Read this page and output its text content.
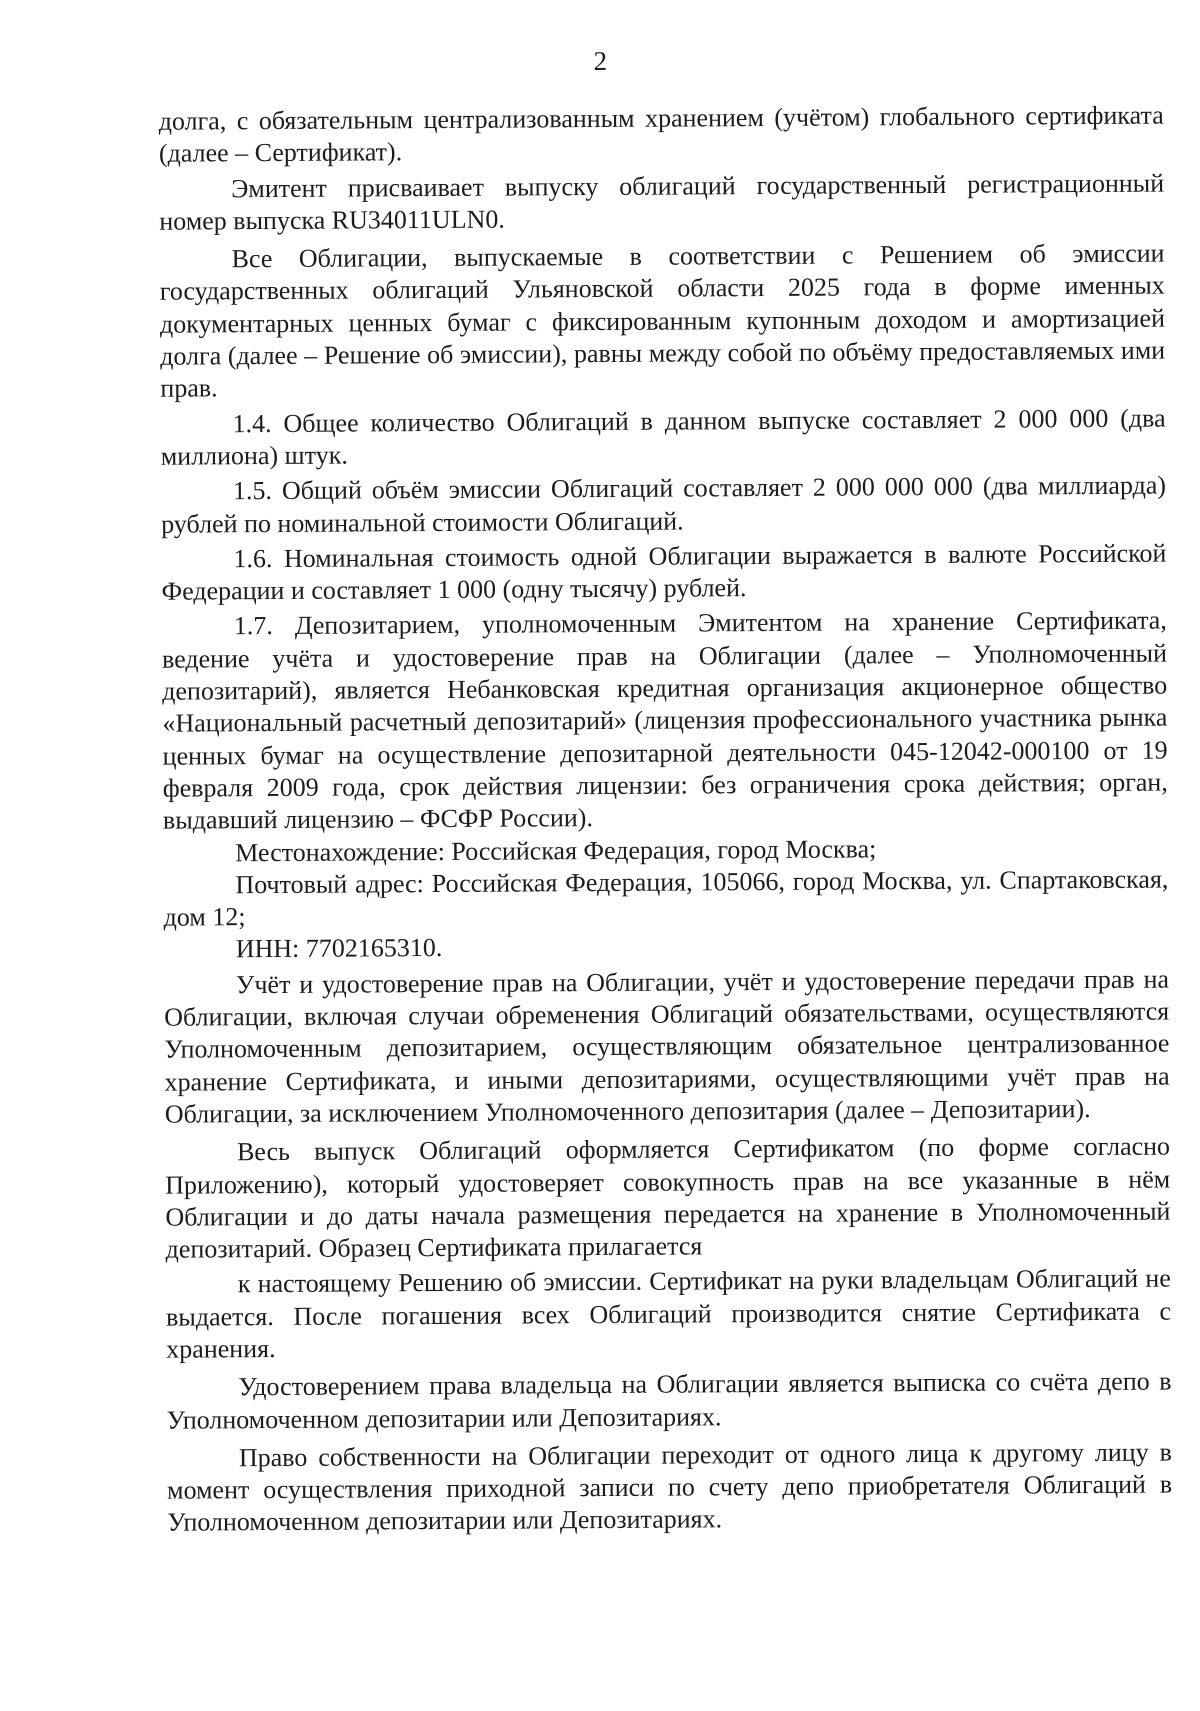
2

долга, с обязательным централизованным хранением (учётом) глобального сертификата (далее – Сертификат).

Эмитент присваивает выпуску облигаций государственный регистрационный номер выпуска RU34011ULN0.

Все Облигации, выпускаемые в соответствии с Решением об эмиссии государственных облигаций Ульяновской области 2025 года в форме именных документарных ценных бумаг с фиксированным купонным доходом и амортизацией долга (далее – Решение об эмиссии), равны между собой по объёму предоставляемых ими прав.

1.4. Общее количество Облигаций в данном выпуске составляет 2 000 000 (два миллиона) штук.

1.5. Общий объём эмиссии Облигаций составляет 2 000 000 000 (два миллиарда) рублей по номинальной стоимости Облигаций.

1.6. Номинальная стоимость одной Облигации выражается в валюте Российской Федерации и составляет 1 000 (одну тысячу) рублей.

1.7. Депозитарием, уполномоченным Эмитентом на хранение Сертификата, ведение учёта и удостоверение прав на Облигации (далее – Уполномоченный депозитарий), является Небанковская кредитная организация акционерное общество «Национальный расчетный депозитарий» (лицензия профессионального участника рынка ценных бумаг на осуществление депозитарной деятельности 045-12042-000100 от 19 февраля 2009 года, срок действия лицензии: без ограничения срока действия; орган, выдавший лицензию – ФСФР России).

Местонахождение: Российская Федерация, город Москва;

Почтовый адрес: Российская Федерация, 105066, город Москва, ул. Спартаковская, дом 12;

ИНН: 7702165310.

Учёт и удостоверение прав на Облигации, учёт и удостоверение передачи прав на Облигации, включая случаи обременения Облигаций обязательствами, осуществляются Уполномоченным депозитарием, осуществляющим обязательное централизованное хранение Сертификата, и иными депозитариями, осуществляющими учёт прав на Облигации, за исключением Уполномоченного депозитария (далее – Депозитарии).

Весь выпуск Облигаций оформляется Сертификатом (по форме согласно Приложению), который удостоверяет совокупность прав на все указанные в нём Облигации и до даты начала размещения передается на хранение в Уполномоченный депозитарий. Образец Сертификата прилагается

к настоящему Решению об эмиссии. Сертификат на руки владельцам Облигаций не выдается. После погашения всех Облигаций производится снятие Сертификата с хранения.

Удостоверением права владельца на Облигации является выписка со счёта депо в Уполномоченном депозитарии или Депозитариях.

Право собственности на Облигации переходит от одного лица к другому лицу в момент осуществления приходной записи по счету депо приобретателя Облигаций в Уполномоченном депозитарии или Депозитариях.
